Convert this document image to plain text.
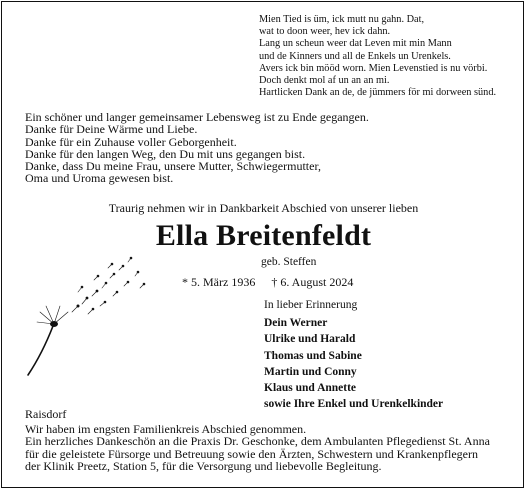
Mien Tied is üm, ick mutt nu gahn. Dat,
wat to doon weer, hev ick dahn.
Lang un scheun weer dat Leven mit min Mann
und de Kinners und all de Enkels un Urenkels.
Avers ick bin mööd worn. Mien Levenstied is nu vörbi.
Doch denkt mol af un an an mi.
Hartlicken Dank an de, de jümmers för mi dorween sünd.
Ein schöner und langer gemeinsamer Lebensweg ist zu Ende gegangen.
Danke für Deine Wärme und Liebe.
Danke für ein Zuhause voller Geborgenheit.
Danke für den langen Weg, den Du mit uns gegangen bist.
Danke, dass Du meine Frau, unsere Mutter, Schwiegermutter,
Oma und Uroma gewesen bist.
Traurig nehmen wir in Dankbarkeit Abschied von unserer lieben
Ella Breitenfeldt
geb. Steffen
* 5. März 1936 † 6. August 2024
In lieber Erinnerung
Dein Werner
Ulrike und Harald
Thomas und Sabine
Martin und Conny
Klaus und Annette
sowie Ihre Enkel und Urenkelkinder
Raisdorf
Wir haben im engsten Familienkreis Abschied genommen.
Ein herzliches Dankeschön an die Praxis Dr. Geschonke, dem Ambulanten Pflegedienst St. Anna
für die geleistete Fürsorge und Betreuung sowie den Ärzten, Schwestern und Krankenpflegern
der Klinik Preetz, Station 5, für die Versorgung und liebevolle Begleitung.
